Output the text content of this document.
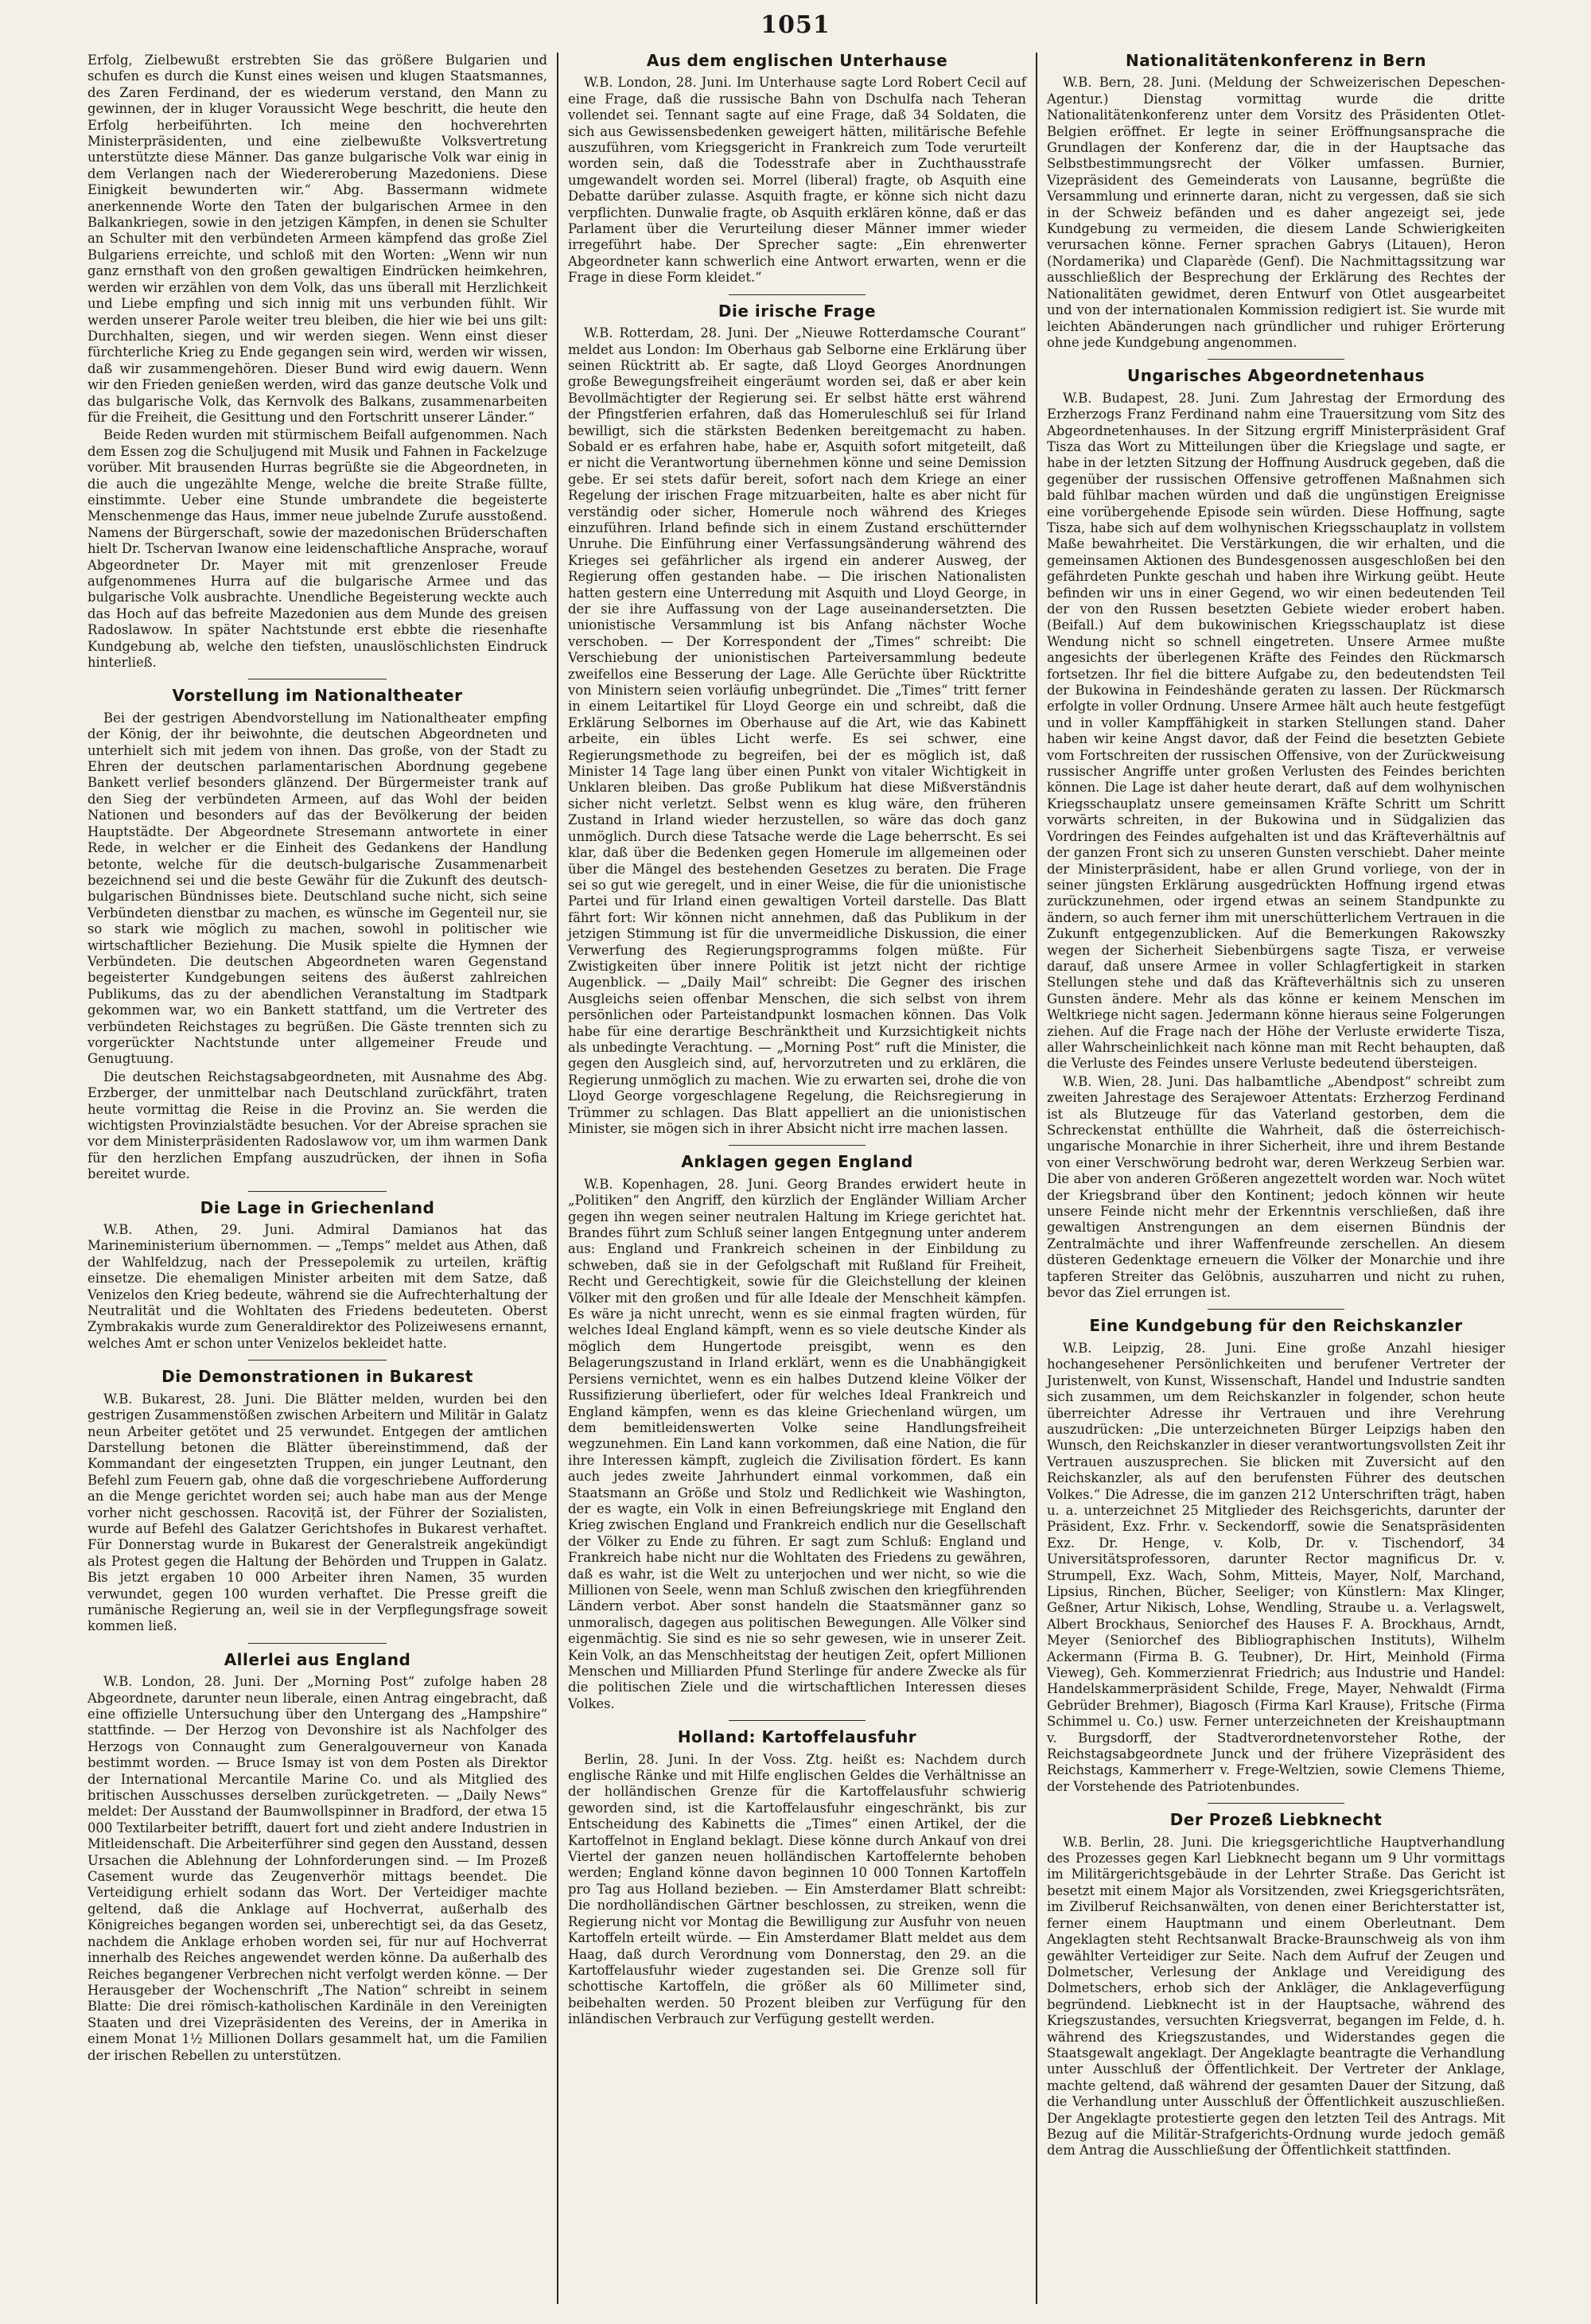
1051

Erfolg, Zielbewußt erstrebten Sie das größere Bulgarien und schufen es durch die Kunst eines weisen und klugen Staatsmannes, des Zaren Ferdinand, der es wiederum verstand, den Mann zu gewinnen, der in kluger Voraussicht Wege beschritt, die heute den Erfolg herbeiführten. Ich meine den hochverehrten Ministerpräsidenten, und eine zielbewußte Volksvertretung unterstützte diese Männer. Das ganze bulgarische Volk war einig in dem Verlangen nach der Wiedereroberung Mazedoniens. Diese Einigkeit bewunderten wir.“ Abg. Bassermann widmete anerkennende Worte den Taten der bulgarischen Armee in den Balkankriegen, sowie in den jetzigen Kämpfen, in denen sie Schulter an Schulter mit den verbündeten Armeen kämpfend das große Ziel Bulgariens erreichte, und schloß mit den Worten: „Wenn wir nun ganz ernsthaft von den großen gewaltigen Eindrücken heimkehren, werden wir erzählen von dem Volk, das uns überall mit Herzlichkeit und Liebe empfing und sich innig mit uns verbunden fühlt. Wir werden unserer Parole weiter treu bleiben, die hier wie bei uns gilt: Durchhalten, siegen, und wir werden siegen. Wenn einst dieser fürchterliche Krieg zu Ende gegangen sein wird, werden wir wissen, daß wir zusammengehören. Dieser Bund wird ewig dauern. Wenn wir den Frieden genießen werden, wird das ganze deutsche Volk und das bulgarische Volk, das Kernvolk des Balkans, zusammenarbeiten für die Freiheit, die Gesittung und den Fortschritt unserer Länder.“

Beide Reden wurden mit stürmischem Beifall aufgenommen. Nach dem Essen zog die Schuljugend mit Musik und Fahnen in Fackelzuge vorüber. Mit brausenden Hurras begrüßte sie die Abgeordneten, in die auch die ungezählte Menge, welche die breite Straße füllte, einstimmte. Ueber eine Stunde umbrandete die begeisterte Menschenmenge das Haus, immer neue jubelnde Zurufe ausstoßend. Namens der Bürgerschaft, sowie der mazedonischen Brüderschaften hielt Dr. Tschervan Iwanow eine leidenschaftliche Ansprache, worauf Abgeordneter Dr. Mayer mit mit grenzenloser Freude aufgenommenes Hurra auf die bulgarische Armee und das bulgarische Volk ausbrachte. Unendliche Begeisterung weckte auch das Hoch auf das befreite Mazedonien aus dem Munde des greisen Radoslawow. In später Nachtstunde erst ebbte die riesenhafte Kundgebung ab, welche den tiefsten, unauslöschlichsten Eindruck hinterließ.

Vorstellung im Nationaltheater

Bei der gestrigen Abendvorstellung im Nationaltheater empfing der König, der ihr beiwohnte, die deutschen Abgeordneten und unterhielt sich mit jedem von ihnen. Das große, von der Stadt zu Ehren der deutschen parlamentarischen Abordnung gegebene Bankett verlief besonders glänzend. Der Bürgermeister trank auf den Sieg der verbündeten Armeen, auf das Wohl der beiden Nationen und besonders auf das der Bevölkerung der beiden Hauptstädte. Der Abgeordnete Stresemann antwortete in einer Rede, in welcher er die Einheit des Gedankens der Handlung betonte, welche für die deutsch-bulgarische Zusammenarbeit bezeichnend sei und die beste Gewähr für die Zukunft des deutsch-bulgarischen Bündnisses biete. Deutschland suche nicht, sich seine Verbündeten dienstbar zu machen, es wünsche im Gegenteil nur, sie so stark wie möglich zu machen, sowohl in politischer wie wirtschaftlicher Beziehung. Die Musik spielte die Hymnen der Verbündeten. Die deutschen Abgeordneten waren Gegenstand begeisterter Kundgebungen seitens des äußerst zahlreichen Publikums, das zu der abendlichen Veranstaltung im Stadtpark gekommen war, wo ein Bankett stattfand, um die Vertreter des verbündeten Reichstages zu begrüßen. Die Gäste trennten sich zu vorgerückter Nachtstunde unter allgemeiner Freude und Genugtuung.

Die deutschen Reichstagsabgeordneten, mit Ausnahme des Abg. Erzberger, der unmittelbar nach Deutschland zurückfährt, traten heute vormittag die Reise in die Provinz an. Sie werden die wichtigsten Provinzialstädte besuchen. Vor der Abreise sprachen sie vor dem Ministerpräsidenten Radoslawow vor, um ihm warmen Dank für den herzlichen Empfang auszudrücken, der ihnen in Sofia bereitet wurde.

Die Lage in Griechenland

W.B. Athen, 29. Juni. Admiral Damianos hat das Marineministerium übernommen. — „Temps“ meldet aus Athen, daß der Wahlfeldzug, nach der Pressepolemik zu urteilen, kräftig einsetze. Die ehemaligen Minister arbeiten mit dem Satze, daß Venizelos den Krieg bedeute, während sie die Aufrechterhaltung der Neutralität und die Wohltaten des Friedens bedeuteten. Oberst Zymbrakakis wurde zum Generaldirektor des Polizeiwesens ernannt, welches Amt er schon unter Venizelos bekleidet hatte.

Die Demonstrationen in Bukarest

W.B. Bukarest, 28. Juni. Die Blätter melden, wurden bei den gestrigen Zusammenstößen zwischen Arbeitern und Militär in Galatz neun Arbeiter getötet und 25 verwundet. Entgegen der amtlichen Darstellung betonen die Blätter übereinstimmend, daß der Kommandant der eingesetzten Truppen, ein junger Leutnant, den Befehl zum Feuern gab, ohne daß die vorgeschriebene Aufforderung an die Menge gerichtet worden sei; auch habe man aus der Menge vorher nicht geschossen. Racoviță ist, der Führer der Sozialisten, wurde auf Befehl des Galatzer Gerichtshofes in Bukarest verhaftet. Für Donnerstag wurde in Bukarest der Generalstreik angekündigt als Protest gegen die Haltung der Behörden und Truppen in Galatz. Bis jetzt ergaben 10 000 Arbeiter ihren Namen, 35 wurden verwundet, gegen 100 wurden verhaftet. Die Presse greift die rumänische Regierung an, weil sie in der Verpflegungsfrage soweit kommen ließ.

Allerlei aus England

W.B. London, 28. Juni. Der „Morning Post“ zufolge haben 28 Abgeordnete, darunter neun liberale, einen Antrag eingebracht, daß eine offizielle Untersuchung über den Untergang des „Hampshire“ stattfinde. — Der Herzog von Devonshire ist als Nachfolger des Herzogs von Connaught zum Generalgouverneur von Kanada bestimmt worden. — Bruce Ismay ist von dem Posten als Direktor der International Mercantile Marine Co. und als Mitglied des britischen Ausschusses derselben zurückgetreten. — „Daily News“ meldet: Der Ausstand der Baumwollspinner in Bradford, der etwa 15 000 Textilarbeiter betrifft, dauert fort und zieht andere Industrien in Mitleidenschaft. Die Arbeiterführer sind gegen den Ausstand, dessen Ursachen die Ablehnung der Lohnforderungen sind. — Im Prozeß Casement wurde das Zeugenverhör mittags beendet. Die Verteidigung erhielt sodann das Wort. Der Verteidiger machte geltend, daß die Anklage auf Hochverrat, außerhalb des Königreiches begangen worden sei, unberechtigt sei, da das Gesetz, nachdem die Anklage erhoben worden sei, für nur auf Hochverrat innerhalb des Reiches angewendet werden könne. Da außerhalb des Reiches begangener Verbrechen nicht verfolgt werden könne. — Der Herausgeber der Wochenschrift „The Nation“ schreibt in seinem Blatte: Die drei römisch-katholischen Kardinäle in den Vereinigten Staaten und drei Vizepräsidenten des Vereins, der in Amerika in einem Monat 1½ Millionen Dollars gesammelt hat, um die Familien der irischen Rebellen zu unterstützen.

Aus dem englischen Unterhause

W.B. London, 28. Juni. Im Unterhause sagte Lord Robert Cecil auf eine Frage, daß die russische Bahn von Dschulfa nach Teheran vollendet sei. Tennant sagte auf eine Frage, daß 34 Soldaten, die sich aus Gewissensbedenken geweigert hätten, militärische Befehle auszuführen, vom Kriegsgericht in Frankreich zum Tode verurteilt worden sein, daß die Todesstrafe aber in Zuchthausstrafe umgewandelt worden sei. Morrel (liberal) fragte, ob Asquith eine Debatte darüber zulasse. Asquith fragte, er könne sich nicht dazu verpflichten. Dunwalie fragte, ob Asquith erklären könne, daß er das Parlament über die Verurteilung dieser Männer immer wieder irregeführt habe. Der Sprecher sagte: „Ein ehrenwerter Abgeordneter kann schwerlich eine Antwort erwarten, wenn er die Frage in diese Form kleidet.“

Die irische Frage

W.B. Rotterdam, 28. Juni. Der „Nieuwe Rotterdamsche Courant“ meldet aus London: Im Oberhaus gab Selborne eine Erklärung über seinen Rücktritt ab. Er sagte, daß Lloyd Georges Anordnungen große Bewegungsfreiheit eingeräumt worden sei, daß er aber kein Bevollmächtigter der Regierung sei. Er selbst hätte erst während der Pfingstferien erfahren, daß das Homeruleschluß sei für Irland bewilligt, sich die stärksten Bedenken bereitgemacht zu haben. Sobald er es erfahren habe, habe er, Asquith sofort mitgeteilt, daß er nicht die Verantwortung übernehmen könne und seine Demission gebe. Er sei stets dafür bereit, sofort nach dem Kriege an einer Regelung der irischen Frage mitzuarbeiten, halte es aber nicht für verständig oder sicher, Homerule noch während des Krieges einzuführen. Irland befinde sich in einem Zustand erschütternder Unruhe. Die Einführung einer Verfassungsänderung während des Krieges sei gefährlicher als irgend ein anderer Ausweg, der Regierung offen gestanden habe. — Die irischen Nationalisten hatten gestern eine Unterredung mit Asquith und Lloyd George, in der sie ihre Auffassung von der Lage auseinandersetzten. Die unionistische Versammlung ist bis Anfang nächster Woche verschoben. — Der Korrespondent der „Times“ schreibt: Die Verschiebung der unionistischen Parteiversammlung bedeute zweifellos eine Besserung der Lage. Alle Gerüchte über Rücktritte von Ministern seien vorläufig unbegründet. Die „Times“ tritt ferner in einem Leitartikel für Lloyd George ein und schreibt, daß die Erklärung Selbornes im Oberhause auf die Art, wie das Kabinett arbeite, ein übles Licht werfe. Es sei schwer, eine Regierungsmethode zu begreifen, bei der es möglich ist, daß Minister 14 Tage lang über einen Punkt von vitaler Wichtigkeit in Unklaren bleiben. Das große Publikum hat diese Mißverständnis sicher nicht verletzt. Selbst wenn es klug wäre, den früheren Zustand in Irland wieder herzustellen, so wäre das doch ganz unmöglich. Durch diese Tatsache werde die Lage beherrscht. Es sei klar, daß über die Bedenken gegen Homerule im allgemeinen oder über die Mängel des bestehenden Gesetzes zu beraten. Die Frage sei so gut wie geregelt, und in einer Weise, die für die unionistische Partei und für Irland einen gewaltigen Vorteil darstelle. Das Blatt fährt fort: Wir können nicht annehmen, daß das Publikum in der jetzigen Stimmung ist für die unvermeidliche Diskussion, die einer Verwerfung des Regierungsprogramms folgen müßte. Für Zwistigkeiten über innere Politik ist jetzt nicht der richtige Augenblick. — „Daily Mail“ schreibt: Die Gegner des irischen Ausgleichs seien offenbar Menschen, die sich selbst von ihrem persönlichen oder Parteistandpunkt losmachen können. Das Volk habe für eine derartige Beschränktheit und Kurzsichtigkeit nichts als unbedingte Verachtung. — „Morning Post“ ruft die Minister, die gegen den Ausgleich sind, auf, hervorzutreten und zu erklären, die Regierung unmöglich zu machen. Wie zu erwarten sei, drohe die von Lloyd George vorgeschlagene Regelung, die Reichsregierung in Trümmer zu schlagen. Das Blatt appelliert an die unionistischen Minister, sie mögen sich in ihrer Absicht nicht irre machen lassen.

Anklagen gegen England

W.B. Kopenhagen, 28. Juni. Georg Brandes erwidert heute in „Politiken“ den Angriff, den kürzlich der Engländer William Archer gegen ihn wegen seiner neutralen Haltung im Kriege gerichtet hat. Brandes führt zum Schluß seiner langen Entgegnung unter anderem aus: England und Frankreich scheinen in der Einbildung zu schweben, daß sie in der Gefolgschaft mit Rußland für Freiheit, Recht und Gerechtigkeit, sowie für die Gleichstellung der kleinen Völker mit den großen und für alle Ideale der Menschheit kämpfen. Es wäre ja nicht unrecht, wenn es sie einmal fragten würden, für welches Ideal England kämpft, wenn es so viele deutsche Kinder als möglich dem Hungertode preisgibt, wenn es den Belagerungszustand in Irland erklärt, wenn es die Unabhängigkeit Persiens vernichtet, wenn es ein halbes Dutzend kleine Völker der Russifizierung überliefert, oder für welches Ideal Frankreich und England kämpfen, wenn es das kleine Griechenland würgen, um dem bemitleidenswerten Volke seine Handlungsfreiheit wegzunehmen. Ein Land kann vorkommen, daß eine Nation, die für ihre Interessen kämpft, zugleich die Zivilisation fördert. Es kann auch jedes zweite Jahrhundert einmal vorkommen, daß ein Staatsmann an Größe und Stolz und Redlichkeit wie Washington, der es wagte, ein Volk in einen Befreiungskriege mit England den Krieg zwischen England und Frankreich endlich nur die Gesellschaft der Völker zu Ende zu führen. Er sagt zum Schluß: England und Frankreich habe nicht nur die Wohltaten des Friedens zu gewähren, daß es wahr, ist die Welt zu unterjochen und wer nicht, so wie die Millionen von Seele, wenn man Schluß zwischen den kriegführenden Ländern verbot. Aber sonst handeln die Staatsmänner ganz so unmoralisch, dagegen aus politischen Bewegungen. Alle Völker sind eigenmächtig. Sie sind es nie so sehr gewesen, wie in unserer Zeit. Kein Volk, an das Menschheitstag der heutigen Zeit, opfert Millionen Menschen und Milliarden Pfund Sterlinge für andere Zwecke als für die politischen Ziele und die wirtschaftlichen Interessen dieses Volkes.

Holland: Kartoffelausfuhr

Berlin, 28. Juni. In der Voss. Ztg. heißt es: Nachdem durch englische Ränke und mit Hilfe englischen Geldes die Verhältnisse an der holländischen Grenze für die Kartoffelausfuhr schwierig geworden sind, ist die Kartoffelausfuhr eingeschränkt, bis zur Entscheidung des Kabinetts die „Times“ einen Artikel, der die Kartoffelnot in England beklagt. Diese könne durch Ankauf von drei Viertel der ganzen neuen holländischen Kartoffelernte behoben werden; England könne davon beginnen 10 000 Tonnen Kartoffeln pro Tag aus Holland bezieben. — Ein Amsterdamer Blatt schreibt: Die nordholländischen Gärtner beschlossen, zu streiken, wenn die Regierung nicht vor Montag die Bewilligung zur Ausfuhr von neuen Kartoffeln erteilt würde. — Ein Amsterdamer Blatt meldet aus dem Haag, daß durch Verordnung vom Donnerstag, den 29. an die Kartoffelausfuhr wieder zugestanden sei. Die Grenze soll für schottische Kartoffeln, die größer als 60 Millimeter sind, beibehalten werden. 50 Prozent bleiben zur Verfügung für den inländischen Verbrauch zur Verfügung gestellt werden.

Nationalitätenkonferenz in Bern

W.B. Bern, 28. Juni. (Meldung der Schweizerischen Depeschen-Agentur.) Dienstag vormittag wurde die dritte Nationalitätenkonferenz unter dem Vorsitz des Präsidenten Otlet-Belgien eröffnet. Er legte in seiner Eröffnungsansprache die Grundlagen der Konferenz dar, die in der Hauptsache das Selbstbestimmungsrecht der Völker umfassen. Burnier, Vizepräsident des Gemeinderats von Lausanne, begrüßte die Versammlung und erinnerte daran, nicht zu vergessen, daß sie sich in der Schweiz befänden und es daher angezeigt sei, jede Kundgebung zu vermeiden, die diesem Lande Schwierigkeiten verursachen könne. Ferner sprachen Gabrys (Litauen), Heron (Nordamerika) und Claparède (Genf). Die Nachmittagssitzung war ausschließlich der Besprechung der Erklärung des Rechtes der Nationalitäten gewidmet, deren Entwurf von Otlet ausgearbeitet und von der internationalen Kommission redigiert ist. Sie wurde mit leichten Abänderungen nach gründlicher und ruhiger Erörterung ohne jede Kundgebung angenommen.

Ungarisches Abgeordnetenhaus

W.B. Budapest, 28. Juni. Zum Jahrestag der Ermordung des Erzherzogs Franz Ferdinand nahm eine Trauersitzung vom Sitz des Abgeordnetenhauses. In der Sitzung ergriff Ministerpräsident Graf Tisza das Wort zu Mitteilungen über die Kriegslage und sagte, er habe in der letzten Sitzung der Hoffnung Ausdruck gegeben, daß die gegenüber der russischen Offensive getroffenen Maßnahmen sich bald fühlbar machen würden und daß die ungünstigen Ereignisse eine vorübergehende Episode sein würden. Diese Hoffnung, sagte Tisza, habe sich auf dem wolhynischen Kriegsschauplatz in vollstem Maße bewahrheitet. Die Verstärkungen, die wir erhalten, und die gemeinsamen Aktionen des Bundesgenossen ausgeschloßen bei den gefährdeten Punkte geschah und haben ihre Wirkung geübt. Heute befinden wir uns in einer Gegend, wo wir einen bedeutenden Teil der von den Russen besetzten Gebiete wieder erobert haben. (Beifall.) Auf dem bukowinischen Kriegsschauplatz ist diese Wendung nicht so schnell eingetreten. Unsere Armee mußte angesichts der überlegenen Kräfte des Feindes den Rückmarsch fortsetzen. Ihr fiel die bittere Aufgabe zu, den bedeutendsten Teil der Bukowina in Feindeshände geraten zu lassen. Der Rückmarsch erfolgte in voller Ordnung. Unsere Armee hält auch heute festgefügt und in voller Kampffähigkeit in starken Stellungen stand. Daher haben wir keine Angst davor, daß der Feind die besetzten Gebiete vom Fortschreiten der russischen Offensive, von der Zurückweisung russischer Angriffe unter großen Verlusten des Feindes berichten können. Die Lage ist daher heute derart, daß auf dem wolhynischen Kriegsschauplatz unsere gemeinsamen Kräfte Schritt um Schritt vorwärts schreiten, in der Bukowina und in Südgalizien das Vordringen des Feindes aufgehalten ist und das Kräfteverhältnis auf der ganzen Front sich zu unseren Gunsten verschiebt. Daher meinte der Ministerpräsident, habe er allen Grund vorliege, von der in seiner jüngsten Erklärung ausgedrückten Hoffnung irgend etwas zurückzunehmen, oder irgend etwas an seinem Standpunkte zu ändern, so auch ferner ihm mit unerschütterlichem Vertrauen in die Zukunft entgegenzublicken. Auf die Bemerkungen Rakowszky wegen der Sicherheit Siebenbürgens sagte Tisza, er verweise darauf, daß unsere Armee in voller Schlagfertigkeit in starken Stellungen stehe und daß das Kräfteverhältnis sich zu unseren Gunsten ändere. Mehr als das könne er keinem Menschen im Weltkriege nicht sagen. Jedermann könne hieraus seine Folgerungen ziehen. Auf die Frage nach der Höhe der Verluste erwiderte Tisza, aller Wahrscheinlichkeit nach könne man mit Recht behaupten, daß die Verluste des Feindes unsere Verluste bedeutend übersteigen.

W.B. Wien, 28. Juni. Das halbamtliche „Abendpost“ schreibt zum zweiten Jahrestage des Serajewoer Attentats: Erzherzog Ferdinand ist als Blutzeuge für das Vaterland gestorben, dem die Schreckenstat enthüllte die Wahrheit, daß die österreichisch-ungarische Monarchie in ihrer Sicherheit, ihre und ihrem Bestande von einer Verschwörung bedroht war, deren Werkzeug Serbien war. Die aber von anderen Größeren angezettelt worden war. Noch wütet der Kriegsbrand über den Kontinent; jedoch können wir heute unsere Feinde nicht mehr der Erkenntnis verschließen, daß ihre gewaltigen Anstrengungen an dem eisernen Bündnis der Zentralmächte und ihrer Waffenfreunde zerschellen. An diesem düsteren Gedenktage erneuern die Völker der Monarchie und ihre tapferen Streiter das Gelöbnis, auszuharren und nicht zu ruhen, bevor das Ziel errungen ist.

Eine Kundgebung für den Reichskanzler

W.B. Leipzig, 28. Juni. Eine große Anzahl hiesiger hochangesehener Persönlichkeiten und berufener Vertreter der Juristenwelt, von Kunst, Wissenschaft, Handel und Industrie sandten sich zusammen, um dem Reichskanzler in folgender, schon heute überreichter Adresse ihr Vertrauen und ihre Verehrung auszudrücken: „Die unterzeichneten Bürger Leipzigs haben den Wunsch, den Reichskanzler in dieser verantwortungsvollsten Zeit ihr Vertrauen auszusprechen. Sie blicken mit Zuversicht auf den Reichskanzler, als auf den berufensten Führer des deutschen Volkes.“ Die Adresse, die im ganzen 212 Unterschriften trägt, haben u. a. unterzeichnet 25 Mitglieder des Reichsgerichts, darunter der Präsident, Exz. Frhr. v. Seckendorff, sowie die Senatspräsidenten Exz. Dr. Henge, v. Kolb, Dr. v. Tischendorf, 34 Universitätsprofessoren, darunter Rector magnificus Dr. v. Strumpell, Exz. Wach, Sohm, Mitteis, Mayer, Nolf, Marchand, Lipsius, Rinchen, Bücher, Seeliger; von Künstlern: Max Klinger, Geßner, Artur Nikisch, Lohse, Wendling, Straube u. a. Verlagswelt, Albert Brockhaus, Seniorchef des Hauses F. A. Brockhaus, Arndt, Meyer (Seniorchef des Bibliographischen Instituts), Wilhelm Ackermann (Firma B. G. Teubner), Dr. Hirt, Meinhold (Firma Vieweg), Geh. Kommerzienrat Friedrich; aus Industrie und Handel: Handelskammerpräsident Schilde, Frege, Mayer, Nehwaldt (Firma Gebrüder Brehmer), Biagosch (Firma Karl Krause), Fritsche (Firma Schimmel u. Co.) usw. Ferner unterzeichneten der Kreishauptmann v. Burgsdorff, der Stadtverordnetenvorsteher Rothe, der Reichstagsabgeordnete Junck und der frühere Vizepräsident des Reichstags, Kammerherr v. Frege-Weltzien, sowie Clemens Thieme, der Vorstehende des Patriotenbundes.

Der Prozeß Liebknecht

W.B. Berlin, 28. Juni. Die kriegsgerichtliche Hauptverhandlung des Prozesses gegen Karl Liebknecht begann um 9 Uhr vormittags im Militärgerichtsgebäude in der Lehrter Straße. Das Gericht ist besetzt mit einem Major als Vorsitzenden, zwei Kriegsgerichtsräten, im Zivilberuf Reichsanwälten, von denen einer Berichterstatter ist, ferner einem Hauptmann und einem Oberleutnant. Dem Angeklagten steht Rechtsanwalt Bracke-Braunschweig als von ihm gewählter Verteidiger zur Seite. Nach dem Aufruf der Zeugen und Dolmetscher, Verlesung der Anklage und Vereidigung des Dolmetschers, erhob sich der Ankläger, die Anklageverfügung begründend. Liebknecht ist in der Hauptsache, während des Kriegszustandes, versuchten Kriegsverrat, begangen im Felde, d. h. während des Kriegszustandes, und Widerstandes gegen die Staatsgewalt angeklagt. Der Angeklagte beantragte die Verhandlung unter Ausschluß der Öffentlichkeit. Der Vertreter der Anklage, machte geltend, daß während der gesamten Dauer der Sitzung, daß die Verhandlung unter Ausschluß der Öffentlichkeit auszuschließen. Der Angeklagte protestierte gegen den letzten Teil des Antrags. Mit Bezug auf die Militär-Strafgerichts-Ordnung wurde jedoch gemäß dem Antrag die Ausschließung der Öffentlichkeit stattfinden.
